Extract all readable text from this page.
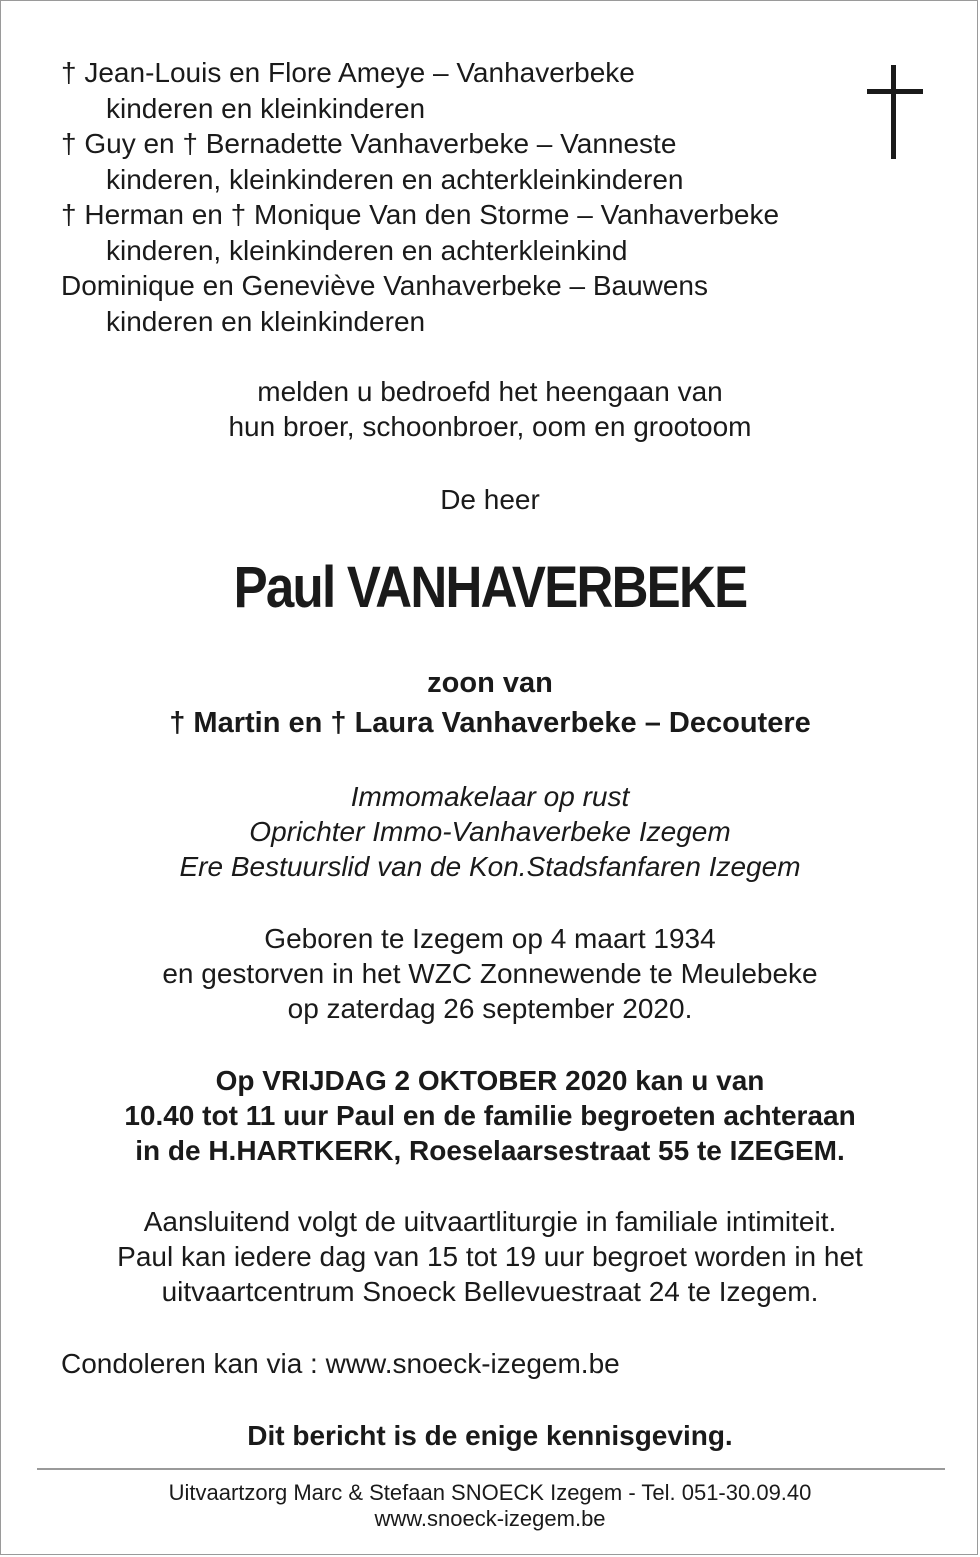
† Jean-Louis en Flore Ameye – Vanhaverbeke
kinderen en kleinkinderen
† Guy en † Bernadette Vanhaverbeke – Vanneste
kinderen, kleinkinderen en achterkleinkinderen
† Herman en † Monique Van den Storme – Vanhaverbeke
kinderen, kleinkinderen en achterkleinkind
Dominique en Geneviève Vanhaverbeke – Bauwens
kinderen en kleinkinderen
melden u bedroefd het heengaan van
hun broer, schoonbroer, oom en grootoom
De heer
Paul VANHAVERBEKE
zoon van
† Martin en † Laura Vanhaverbeke – Decoutere
Immomakelaar op rust
Oprichter Immo-Vanhaverbeke Izegem
Ere Bestuurslid van de Kon.Stadsfanfaren Izegem
Geboren te Izegem op 4 maart 1934
en gestorven in het WZC Zonnewende te Meulebeke
op zaterdag 26 september 2020.
Op VRIJDAG 2 OKTOBER 2020 kan u van
10.40 tot 11 uur Paul en de familie begroeten achteraan
in de H.HARTKERK, Roeselaarsestraat 55 te IZEGEM.
Aansluitend volgt de uitvaartliturgie in familiale intimiteit.
Paul kan iedere dag van 15 tot 19 uur begroet worden in het
uitvaartcentrum Snoeck Bellevuestraat 24 te Izegem.
Condoleren kan via : www.snoeck-izegem.be
Dit bericht is de enige kennisgeving.
Uitvaartzorg Marc & Stefaan SNOECK Izegem - Tel. 051-30.09.40
www.snoeck-izegem.be
